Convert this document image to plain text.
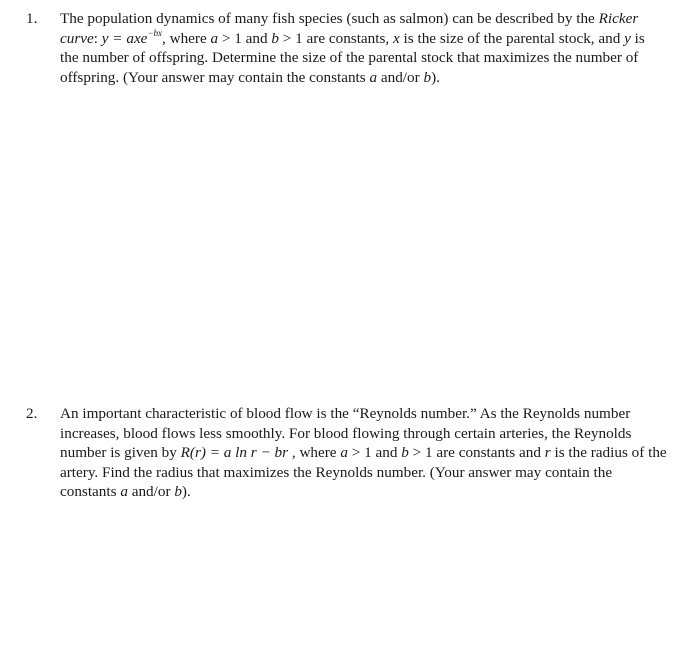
1.	The population dynamics of many fish species (such as salmon) can be described by the Ricker
curve: y = axe$^{-bx}$, where a > 1 and b > 1 are constants, x is the size of the parental stock, and y is
the number of offspring. Determine the size of the parental stock that maximizes the number of
offspring. (Your answer may contain the constants a and/or b).
2.	An important characteristic of blood flow is the “Reynolds number.” As the Reynolds number
increases, blood flows less smoothly. For blood flowing through certain arteries, the Reynolds
number is given by R(r) = a ln r − br , where a > 1 and b > 1 are constants and r is the radius of the
artery. Find the radius that maximizes the Reynolds number. (Your answer may contain the
constants a and/or b).
